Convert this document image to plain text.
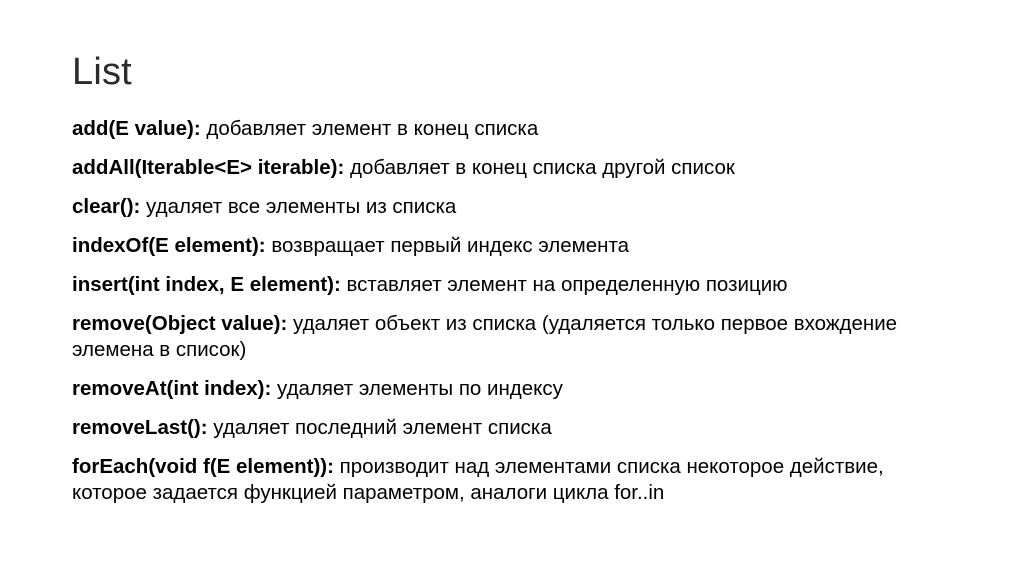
List
add(E value): добавляет элемент в конец списка
addAll(Iterable<E> iterable): добавляет в конец списка другой список
clear(): удаляет все элементы из списка
indexOf(E element): возвращает первый индекс элемента
insert(int index, E element): вставляет элемент на определенную позицию
remove(Object value): удаляет объект из списка (удаляется только первое вхождение элемена в список)
removeAt(int index): удаляет элементы по индексу
removeLast(): удаляет последний элемент списка
forEach(void f(E element)): производит над элементами списка некоторое действие, которое задается функцией параметром, аналоги цикла for..in
